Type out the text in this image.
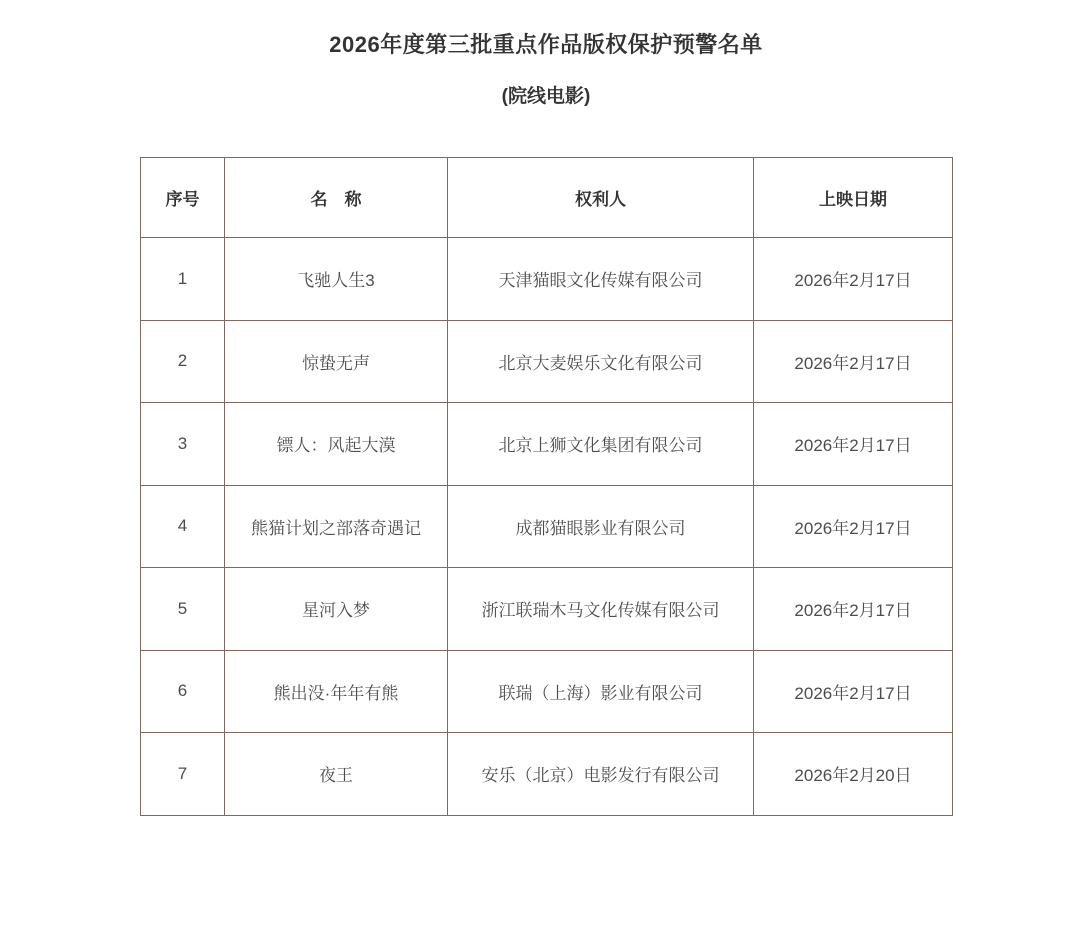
2026年度第三批重点作品版权保护预警名单
(院线电影)
序号	名　称	权利人	上映日期
1	飞驰人生3	天津猫眼文化传媒有限公司	2026年2月17日
2	惊蛰无声	北京大麦娱乐文化有限公司	2026年2月17日
3	镖人：风起大漠	北京上狮文化集团有限公司	2026年2月17日
4	熊猫计划之部落奇遇记	成都猫眼影业有限公司	2026年2月17日
5	星河入梦	浙江联瑞木马文化传媒有限公司	2026年2月17日
6	熊出没·年年有熊	联瑞（上海）影业有限公司	2026年2月17日
7	夜王	安乐（北京）电影发行有限公司	2026年2月20日
